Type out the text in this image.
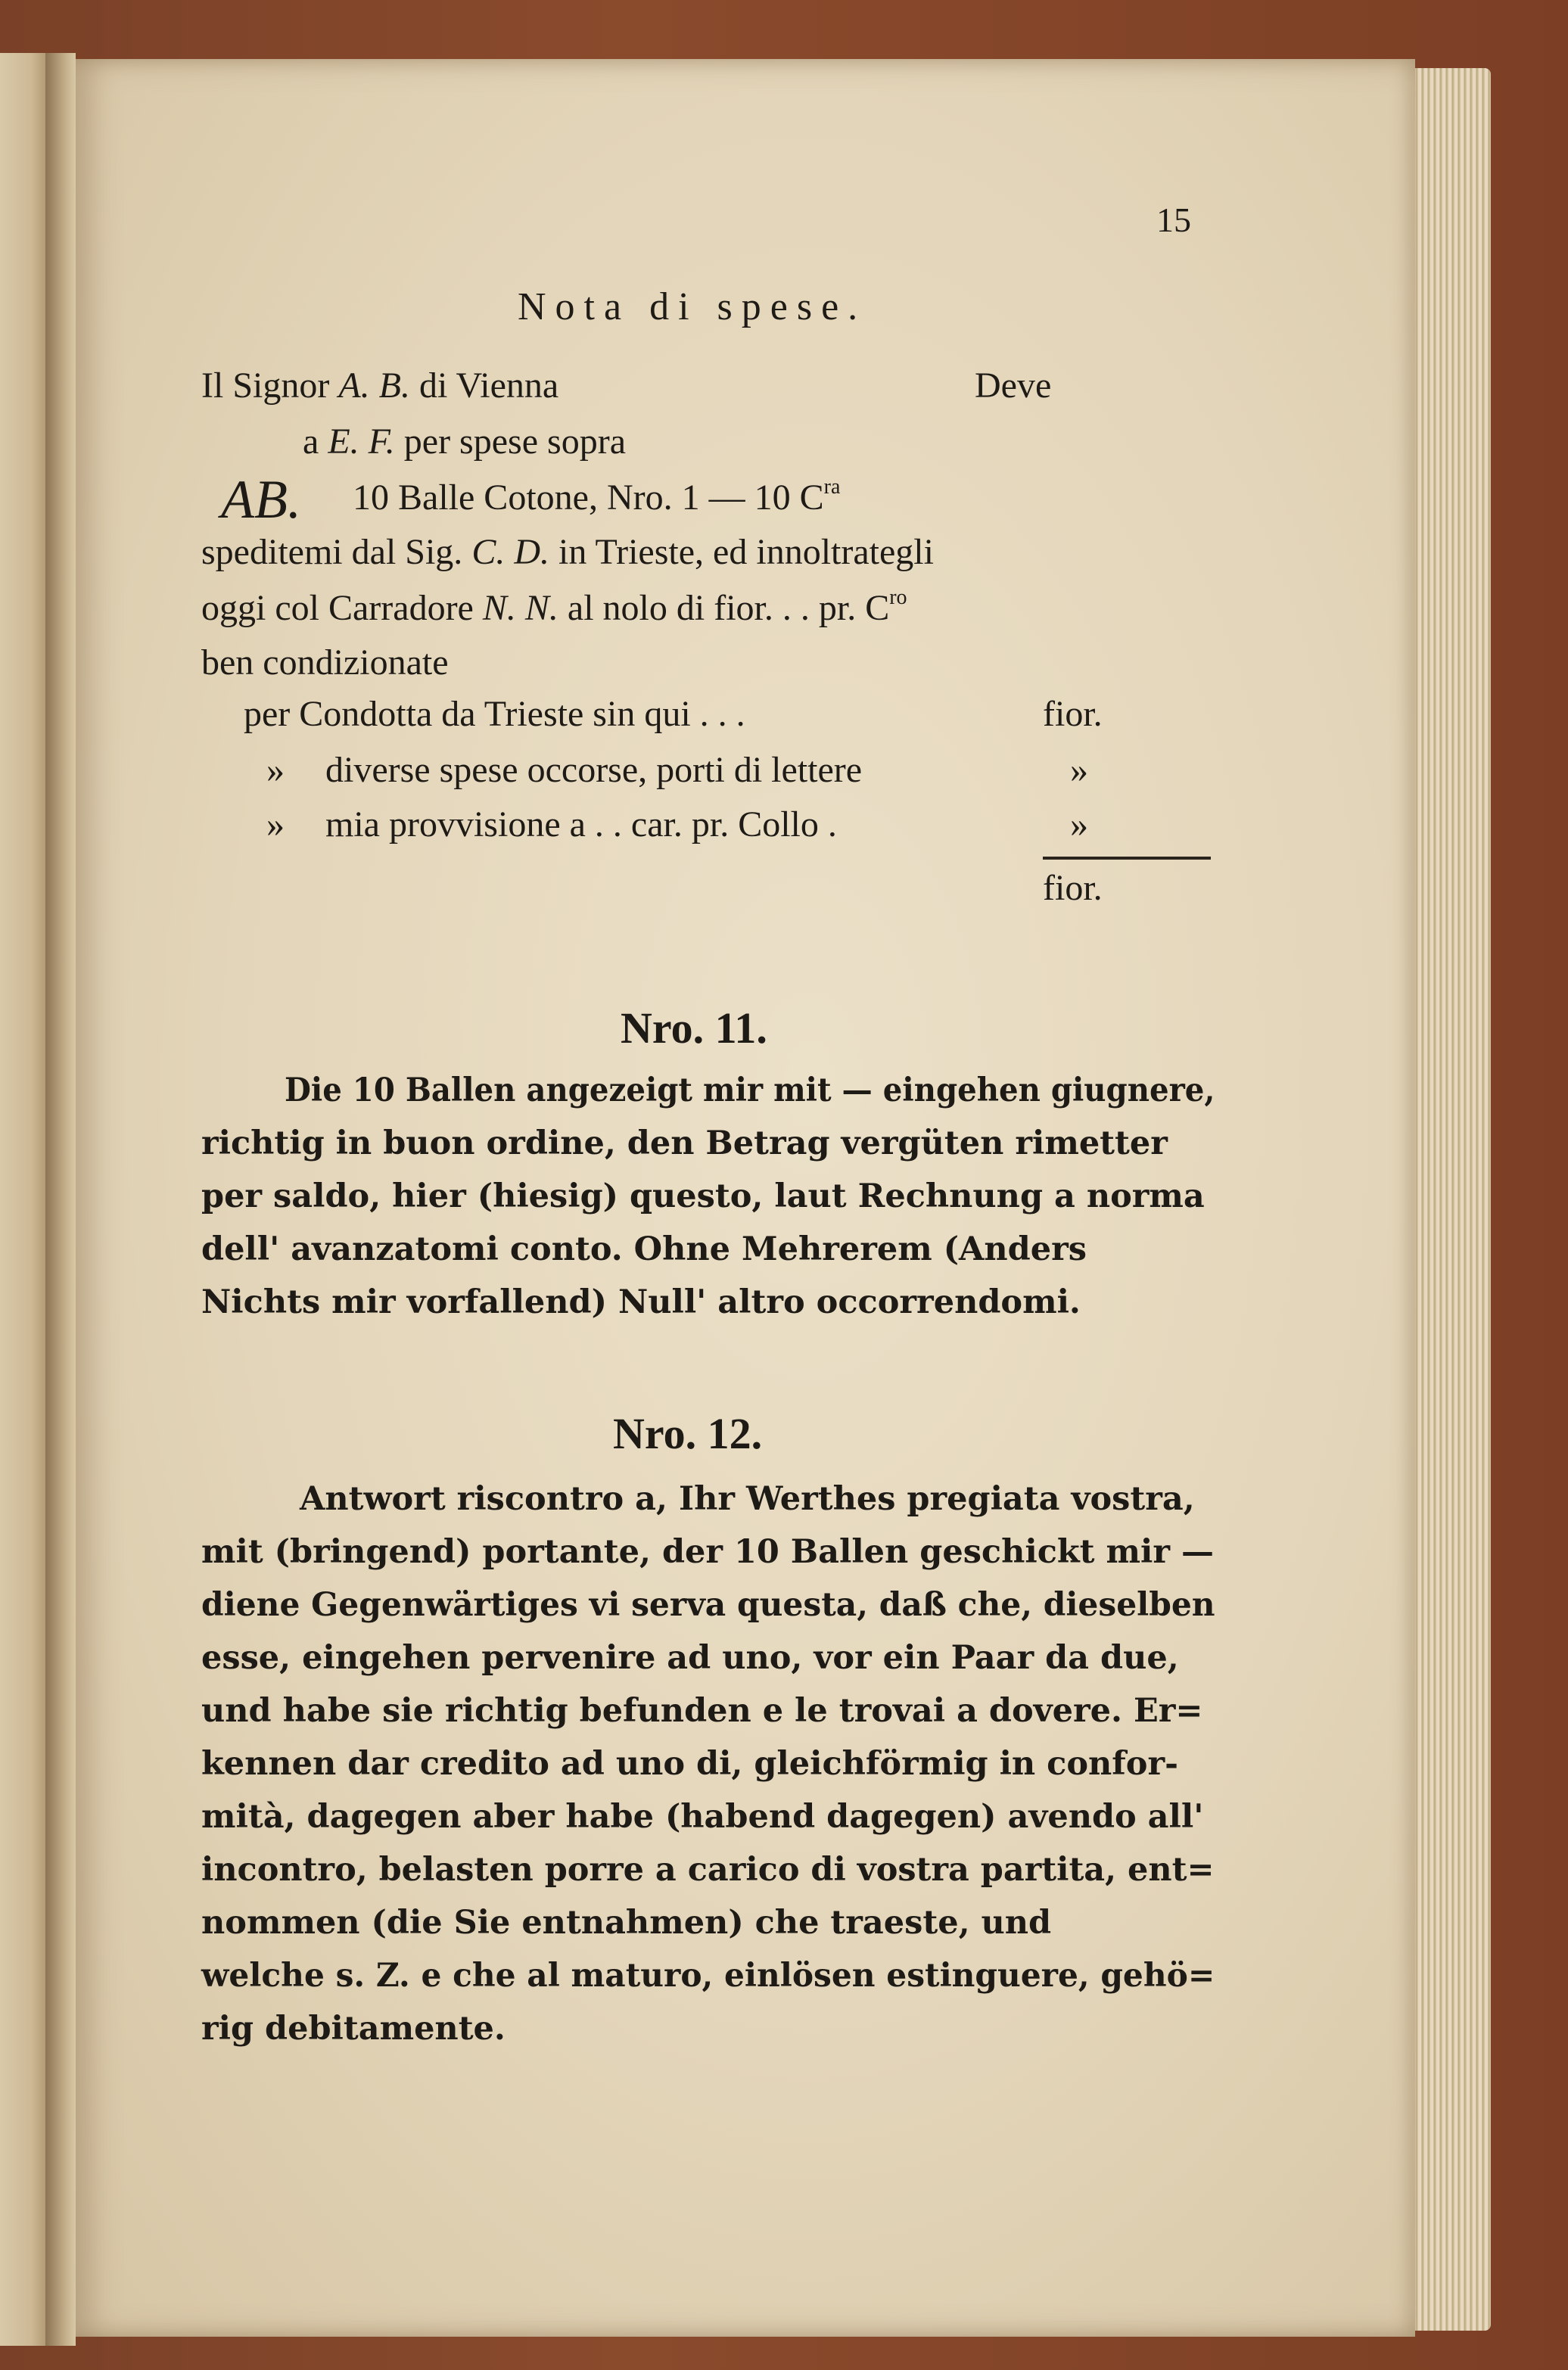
15
Nota di spese.
Il Signor A. B. di Vienna	Deve
a E. F. per spese sopra
AB. 10 Balle Cotone, Nro. 1 — 10 $C^{ra}$
speditemi dal Sig. C. D. in Trieste, ed innoltrategli
oggi col Carradore N. N. al nolo di fior. . . pr. $C^{ro}$
ben condizionate
per Condotta da Trieste sin qui . . .	fior.
» diverse spese occorse, porti di lettere	»
» mia provvisione a . . car. pr. Collo .	»
fior.
Nro. 11.
Die 10 Ballen angezeigt mir mit — eingehen giugnere,
richtig in buon ordine, den Betrag vergüten rimetter
per saldo, hier (hiesig) questo, laut Rechnung a norma
dell' avanzatomi conto. Ohne Mehrerem (Anders
Nichts mir vorfallend) Null' altro occorrendomi.
Nro. 12.
Antwort riscontro a, Ihr Werthes pregiata vostra,
mit (bringend) portante, der 10 Ballen geschickt mir —
diene Gegenwärtiges vi serva questa, daß che, dieselben
esse, eingehen pervenire ad uno, vor ein Paar da due,
und habe sie richtig befunden e le trovai a dovere. Er=
kennen dar credito ad uno di, gleichförmig in confor-
mità, dagegen aber habe (habend dagegen) avendo all'
incontro, belasten porre a carico di vostra partita, ent=
nommen (die Sie entnahmen) che traeste, und
welche s. Z. e che al maturo, einlösen estinguere, gehö=
rig debitamente.
